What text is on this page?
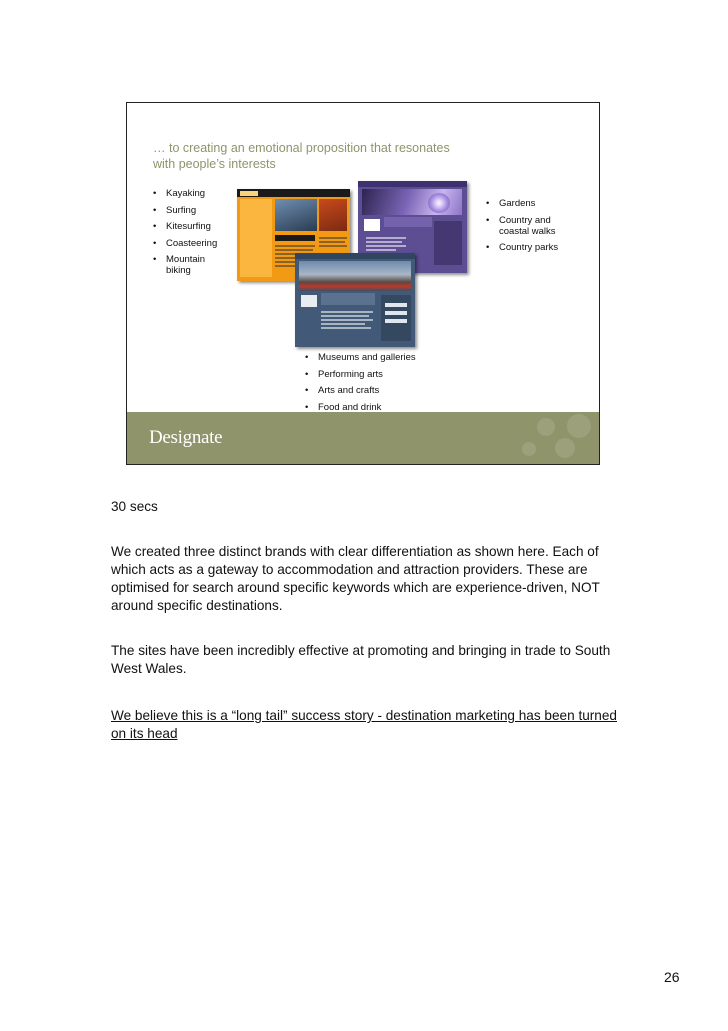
… to creating an emotional proposition that resonates
with people’s interests
• Kayaking
• Surfing
• Kitesurfing
• Coasteering
• Mountain biking
• Gardens
• Country and coastal walks
• Country parks
• Museums and galleries
• Performing arts
• Arts and crafts
• Food and drink
Designate

30 secs

We created three distinct brands with clear differentiation as shown here. Each of which acts as a gateway to accommodation and attraction providers. These are optimised for search around specific keywords which are experience-driven, NOT around specific destinations.

The sites have been incredibly effective at promoting and bringing in trade to South West Wales.

We believe this is a “long tail” success story - destination marketing has been turned on its head

26
